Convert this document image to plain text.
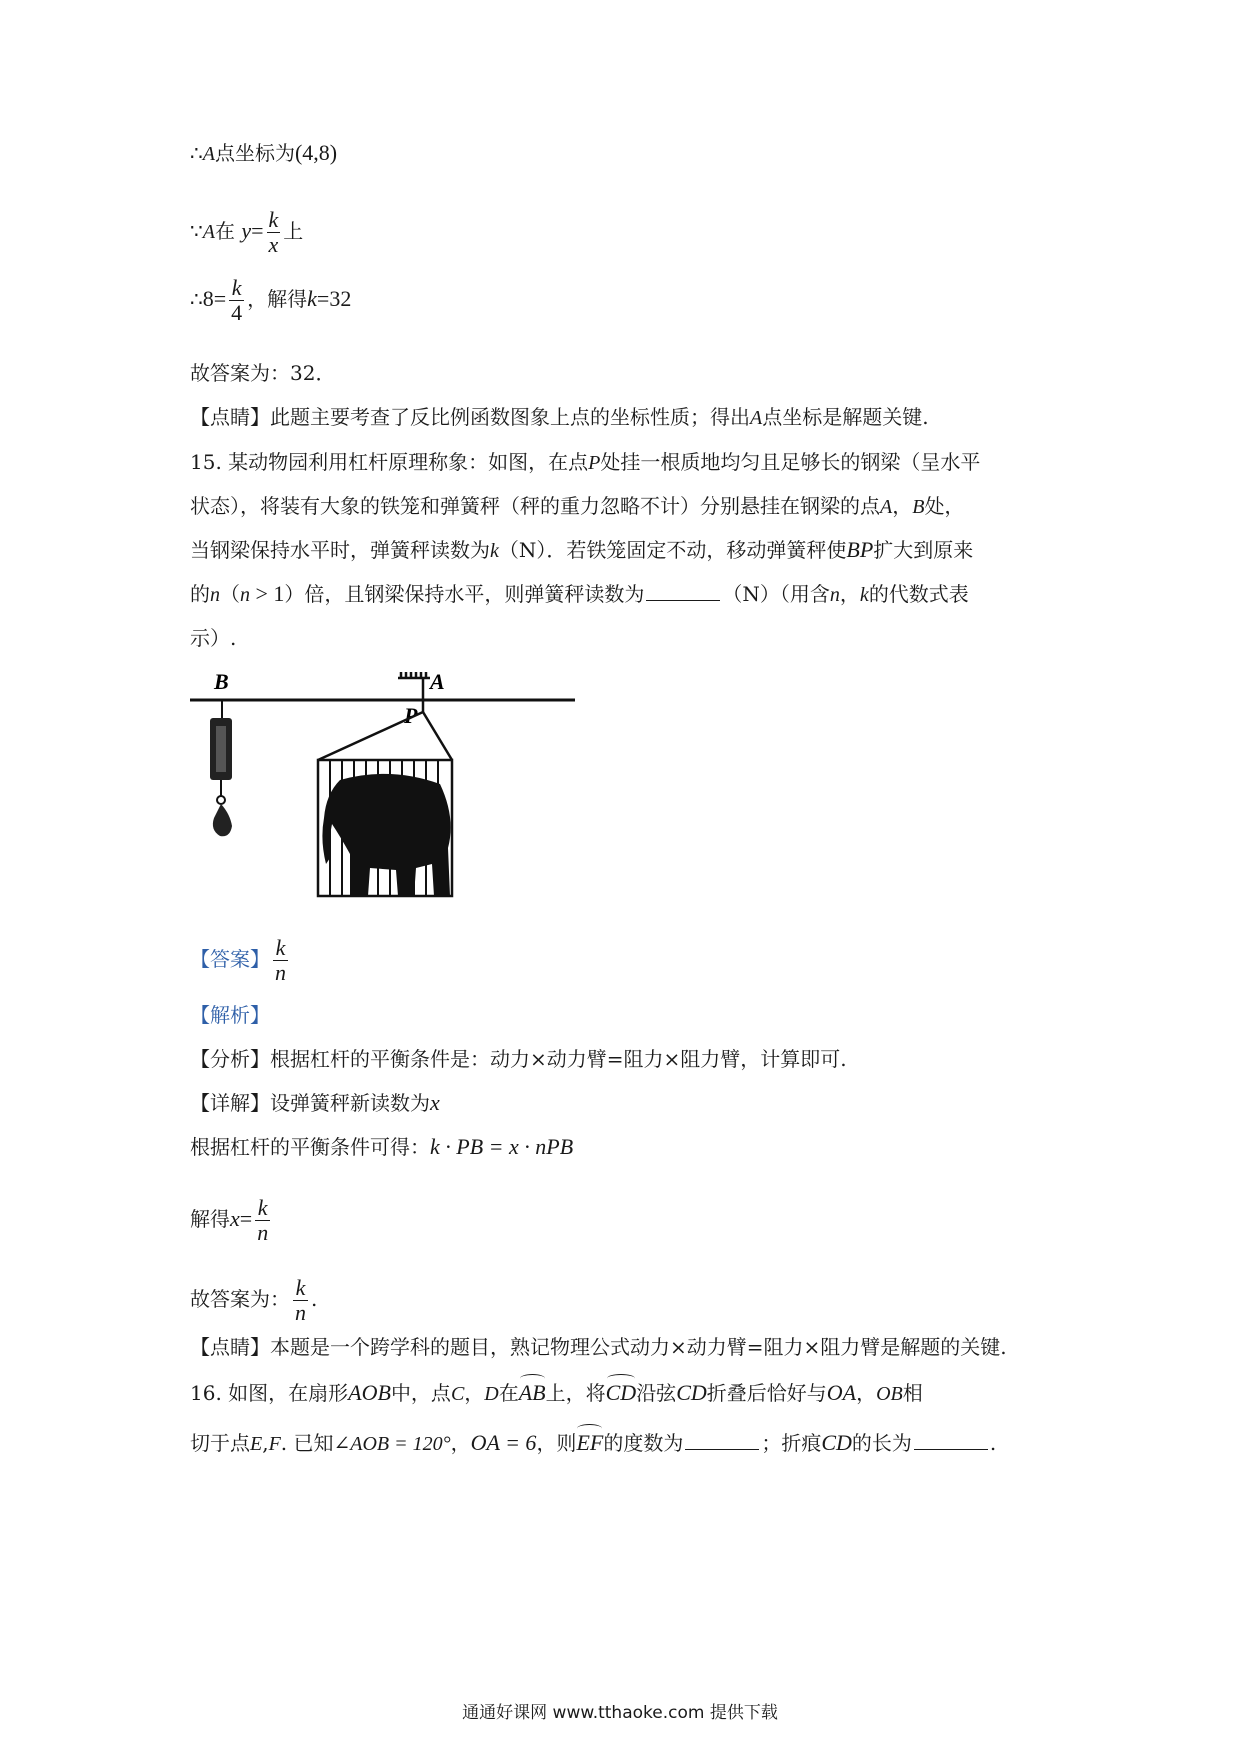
∴A点坐标为(4,8)
∵A在 $y= \frac{k}{x}$ 上
∴8= $\frac{k}{4}$ ，解得k=32
故答案为：32．
【点睛】此题主要考查了反比例函数图象上点的坐标性质；得出A点坐标是解题关键.
15. 某动物园利用杠杆原理称象：如图，在点P处挂一根质地均匀且足够长的钢梁（呈水平
状态），将装有大象的铁笼和弹簧秤（秤的重力忽略不计）分别悬挂在钢梁的点A，B处，
当钢梁保持水平时，弹簧秤读数为k（N）．若铁笼固定不动，移动弹簧秤使BP扩大到原来
的n（n > 1）倍，且钢梁保持水平，则弹簧秤读数为	（N）（用含n，k的代数式表
示）.
B	A
P
【答案】 $\frac{k}{n}$
【解析】
【分析】根据杠杆的平衡条件是：动力×动力臂=阻力×阻力臂，计算即可.
【详解】设弹簧秤新读数为x
根据杠杆的平衡条件可得：k · PB = x · nPB
解得$x= \frac{k}{n}$
故答案为： $\frac{k}{n}$ .
【点睛】本题是一个跨学科的题目，熟记物理公式动力×动力臂=阻力×阻力臂是解题的关键.
16. 如图，在扇形AOB中，点C，D在AB上，将CD沿弦CD折叠后恰好与OA，OB相
切于点E,F. 已知∠AOB = 120°，OA = 6，则EF的度数为	；折痕CD的长为	.
通通好课网 www.tthaoke.com 提供下载
